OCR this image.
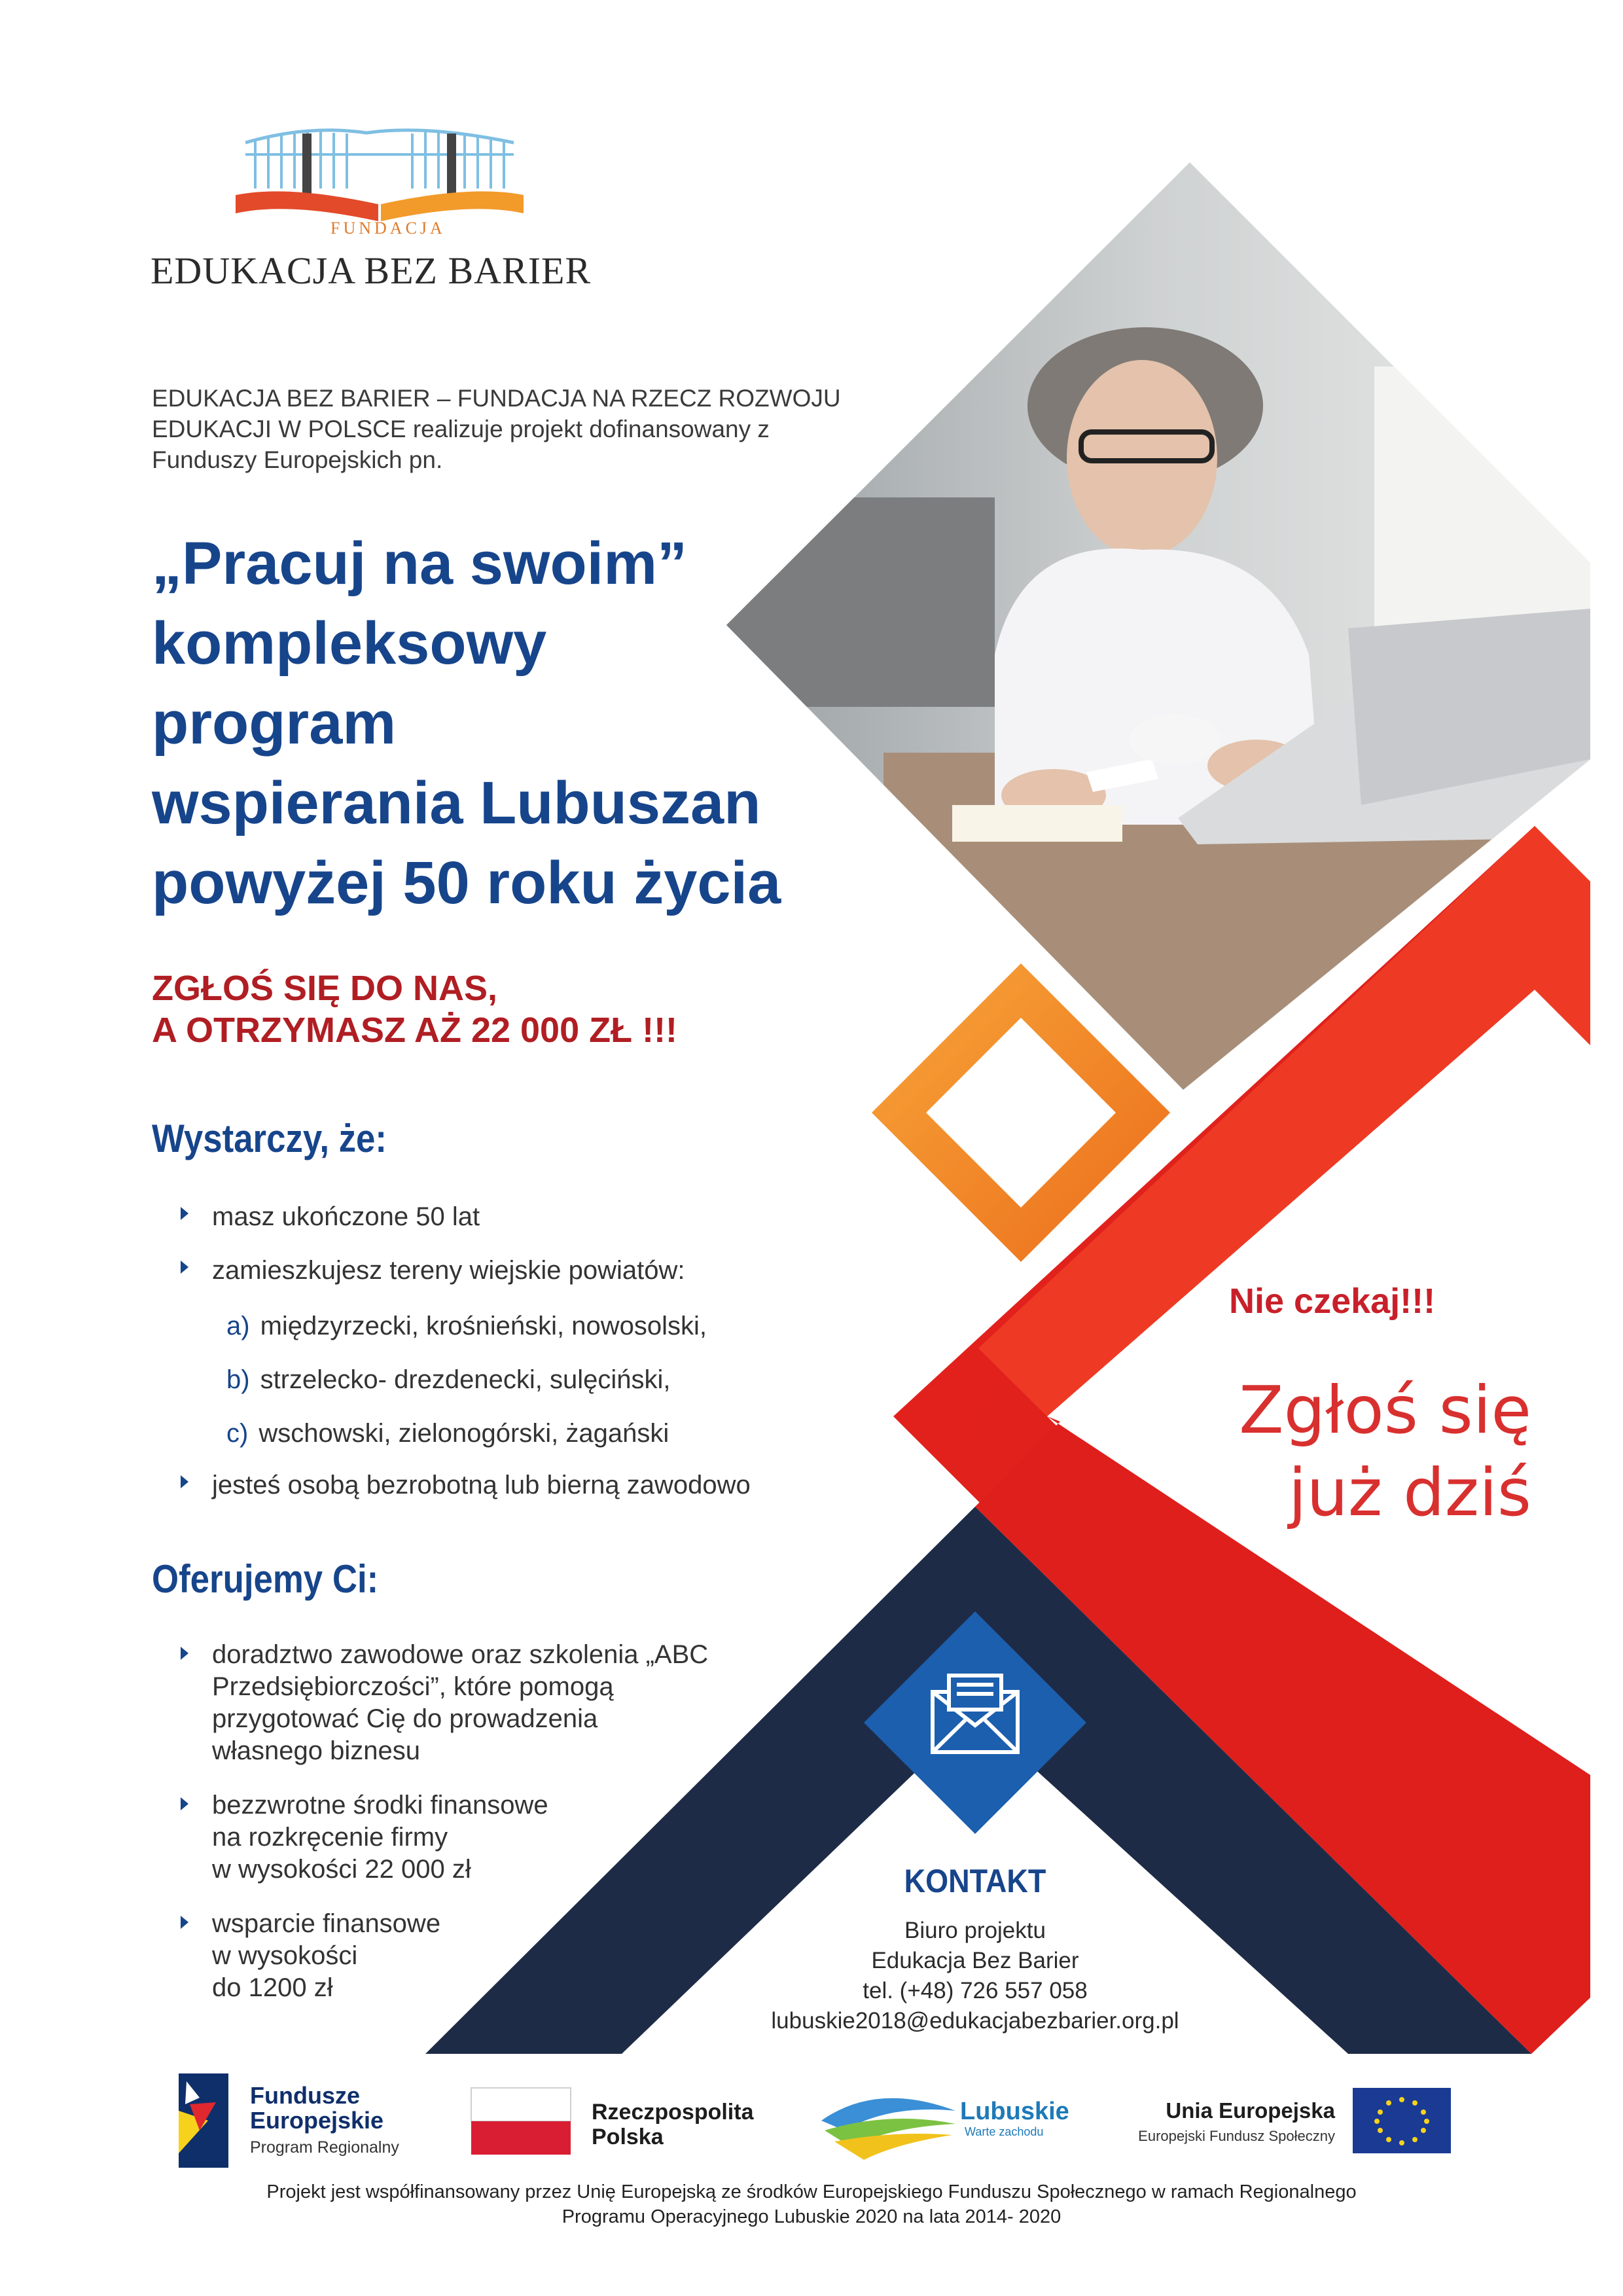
FUNDACJA
EDUKACJA BEZ BARIER
EDUKACJA BEZ BARIER – FUNDACJA NA RZECZ ROZWOJU EDUKACJI W POLSCE realizuje projekt dofinansowany z Funduszy Europejskich pn.
„Pracuj na swoim”
kompleksowy
program
wspierania Lubuszan
powyżej 50 roku życia
ZGŁOŚ SIĘ DO NAS,
A OTRZYMASZ AŻ 22 000 ZŁ !!!
Wystarczy, że:
masz ukończone 50 lat
zamieszkujesz tereny wiejskie powiatów:
a) międzyrzecki, krośnieński, nowosolski,
b) strzelecko- drezdenecki, sulęciński,
c) wschowski, zielonogórski, żagański
jesteś osobą bezrobotną lub bierną zawodowo
Oferujemy Ci:
doradztwo zawodowe oraz szkolenia „ABC
Przedsiębiorczości”, które pomogą
przygotować Cię do prowadzenia
własnego biznesu
bezzwrotne środki finansowe
na rozkręcenie firmy
w wysokości 22 000 zł
wsparcie finansowe
w wysokości
do 1200 zł
Nie czekaj!!!
Zgłoś się
już dziś
KONTAKT
Biuro projektu
Edukacja Bez Barier
tel. (+48) 726 557 058
lubuskie2018@edukacjabezbarier.org.pl
Fundusze
Europejskie
Program Regionalny
Rzeczpospolita
Polska
Lubuskie
Warte zachodu
Unia Europejska
Europejski Fundusz Społeczny
Projekt jest współfinansowany przez Unię Europejską ze środków Europejskiego Funduszu Społecznego w ramach Regionalnego
Programu Operacyjnego Lubuskie 2020 na lata 2014- 2020
